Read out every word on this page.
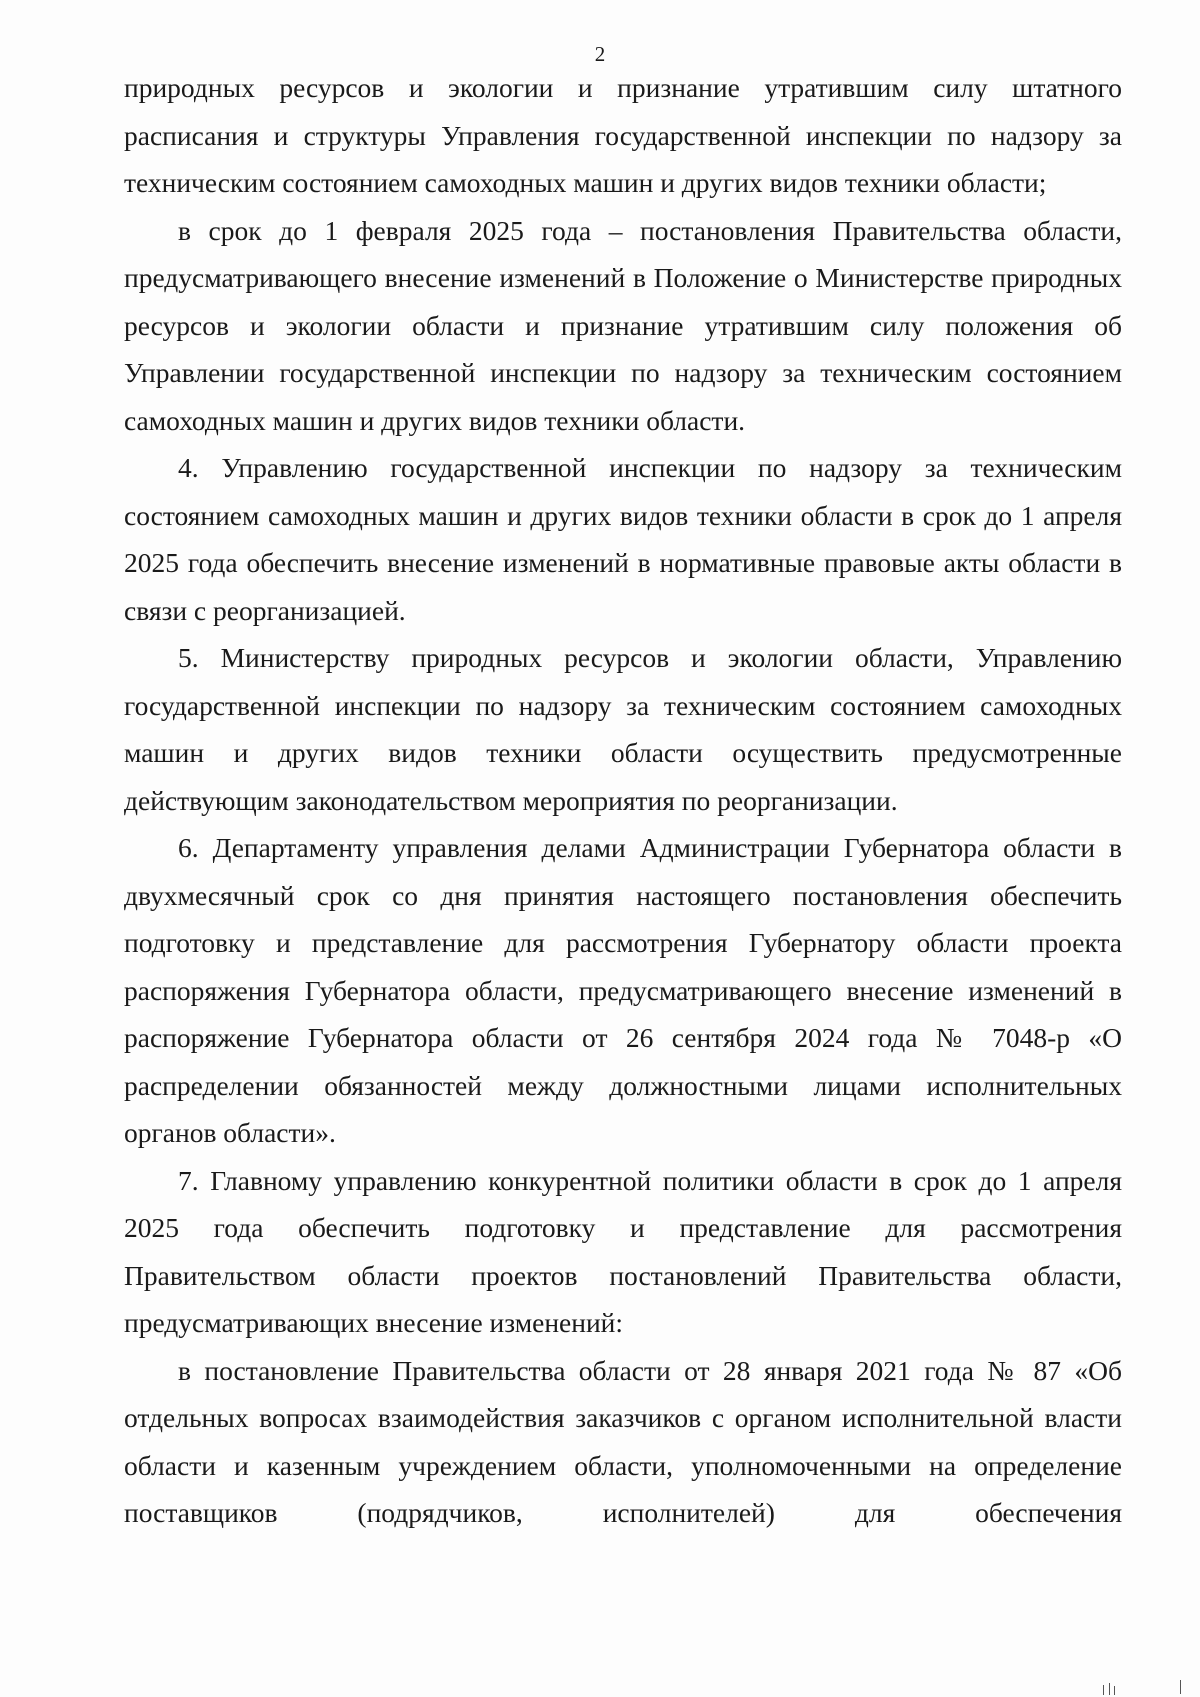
2

природных ресурсов и экологии и признание утратившим силу штатного расписания и структуры Управления государственной инспекции по надзору за техническим состоянием самоходных машин и других видов техники области;

в срок до 1 февраля 2025 года – постановления Правительства области, предусматривающего внесение изменений в Положение о Министерстве природных ресурсов и экологии области и признание утратившим силу положения об Управлении государственной инспекции по надзору за техническим состоянием самоходных машин и других видов техники области.

4. Управлению государственной инспекции по надзору за техническим состоянием самоходных машин и других видов техники области в срок до 1 апреля 2025 года обеспечить внесение изменений в нормативные правовые акты области в связи с реорганизацией.

5. Министерству природных ресурсов и экологии области, Управлению государственной инспекции по надзору за техническим состоянием самоходных машин и других видов техники области осуществить предусмотренные действующим законодательством мероприятия по реорганизации.

6. Департаменту управления делами Администрации Губернатора области в двухмесячный срок со дня принятия настоящего постановления обеспечить подготовку и представление для рассмотрения Губернатору области проекта распоряжения Губернатора области, предусматривающего внесение изменений в распоряжение Губернатора области от 26 сентября 2024 года № 7048-р «О распределении обязанностей между должностными лицами исполнительных органов области».

7. Главному управлению конкурентной политики области в срок до 1 апреля 2025 года обеспечить подготовку и представление для рассмотрения Правительством области проектов постановлений Правительства области, предусматривающих внесение изменений:

в постановление Правительства области от 28 января 2021 года № 87 «Об отдельных вопросах взаимодействия заказчиков с органом исполнительной власти области и казенным учреждением области, уполномоченными на определение поставщиков (подрядчиков, исполнителей) для обеспечения
